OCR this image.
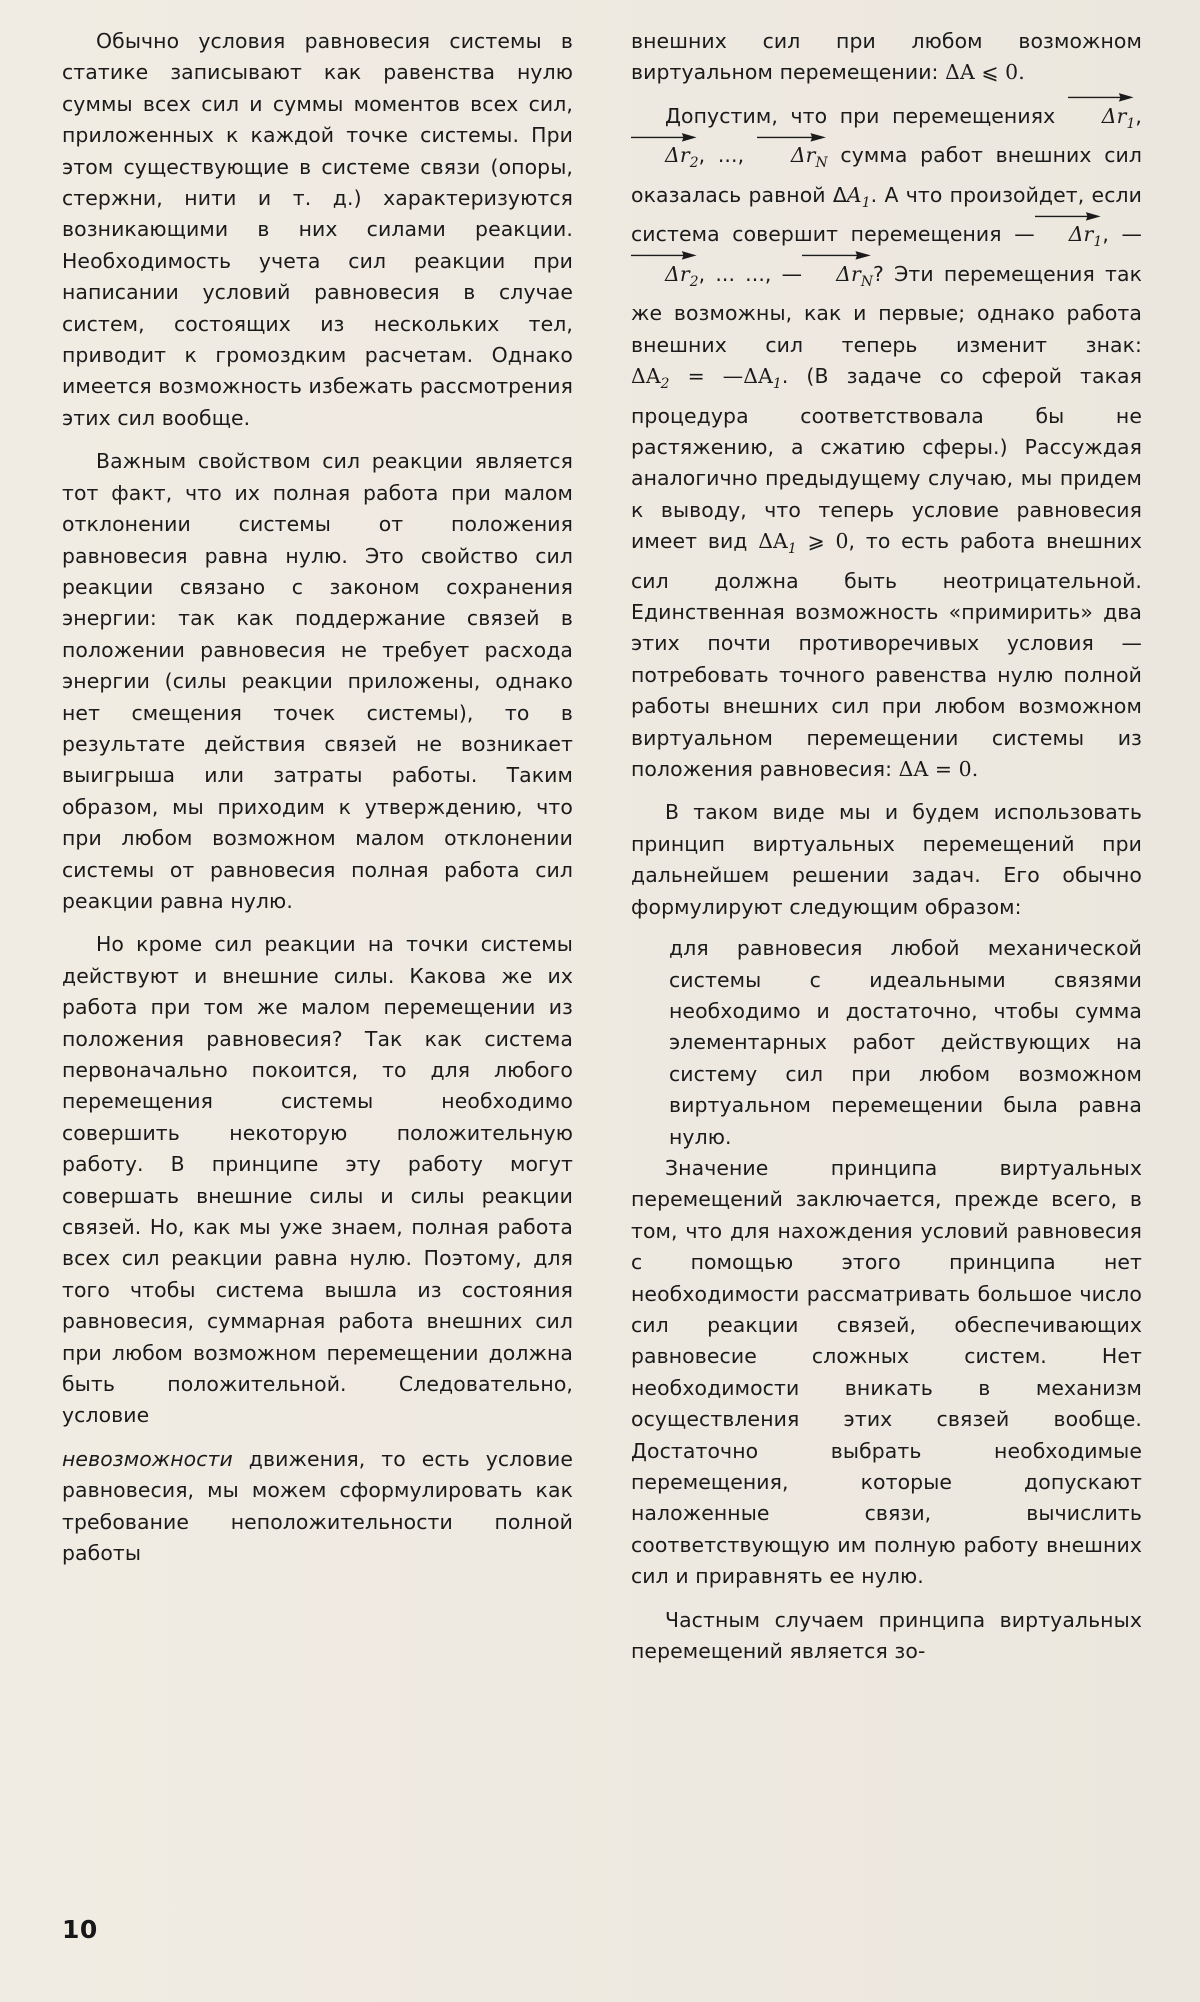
Обычно условия равновесия системы в статике записывают как равенства нулю суммы всех сил и суммы моментов всех сил, приложенных к каждой точке системы. При этом существующие в системе связи (опоры, стержни, нити и т. д.) характеризуются возникающими в них силами реакции. Необходимость учета сил реакции при написании условий равновесия в случае систем, состоящих из нескольких тел, приводит к громоздким расчетам. Однако имеется возможность избежать рассмотрения этих сил вообще.

Важным свойством сил реакции является тот факт, что их полная работа при малом отклонении системы от положения равновесия равна нулю. Это свойство сил реакции связано с законом сохранения энергии: так как поддержание связей в положении равновесия не требует расхода энергии (силы реакции приложены, однако нет смещения точек системы), то в результате действия связей не возникает выигрыша или затраты работы. Таким образом, мы приходим к утверждению, что при любом возможном малом отклонении системы от равновесия полная работа сил реакции равна нулю.

Но кроме сил реакции на точки системы действуют и внешние силы. Какова же их работа при том же малом перемещении из положения равновесия? Так как система первоначально покоится, то для любого перемещения системы необходимо совершить некоторую положительную работу. В принципе эту работу могут совершать внешние силы и силы реакции связей. Но, как мы уже знаем, полная работа всех сил реакции равна нулю. Поэтому, для того чтобы система вышла из состояния равновесия, суммарная работа внешних сил при любом возможном перемещении должна быть положительной. Следовательно, условие

невозможности движения, то есть условие равновесия, мы можем сформулировать как требование неположительности полной работы

внешних сил при любом возможном виртуальном перемещении: ΔA ⩽ 0.

Допустим, что при перемещениях
$\Delta r_1$,
$\Delta r_2$, ...,
$\Delta r_N$ сумма работ внешних сил оказалась равной $\Delta A_1$. А что произойдет, если система совершит перемещения — $\Delta r_1$, —
$\Delta r_2$, ... ..., — $\Delta r_N$? Эти перемещения так же возможны, как и первые; однако работа внешних сил теперь изменит знак: $\Delta A_2$ = $—\Delta A_1$. (В задаче со сферой такая процедура соответствовала бы не растяжению, а сжатию сферы.) Рассуждая аналогично предыдущему случаю, мы придем к выводу, что теперь условие равновесия имеет вид $\Delta A_1$ ⩾ 0, то есть работа внешних сил должна быть неотрицательной. Единственная возможность «примирить» два этих почти противоречивых условия — потребовать точного равенства нулю полной работы внешних сил при любом возможном виртуальном перемещении системы из положения равновесия: ΔA = 0.

В таком виде мы и будем использовать принцип виртуальных перемещений при дальнейшем решении задач. Его обычно формулируют следующим образом:

для равновесия любой механической системы с идеальными связями необходимо и достаточно, чтобы сумма элементарных работ действующих на систему сил при любом возможном виртуальном перемещении была равна нулю.

Значение принципа виртуальных перемещений заключается, прежде всего, в том, что для нахождения условий равновесия с помощью этого принципа нет необходимости рассматривать большое число сил реакции связей, обеспечивающих равновесие сложных систем. Нет необходимости вникать в механизм осуществления этих связей вообще. Достаточно выбрать необходимые перемещения, которые допускают наложенные связи, вычислить соответствующую им полную работу внешних сил и приравнять ее нулю.

Частным случаем принципа виртуальных перемещений является зо-

10
